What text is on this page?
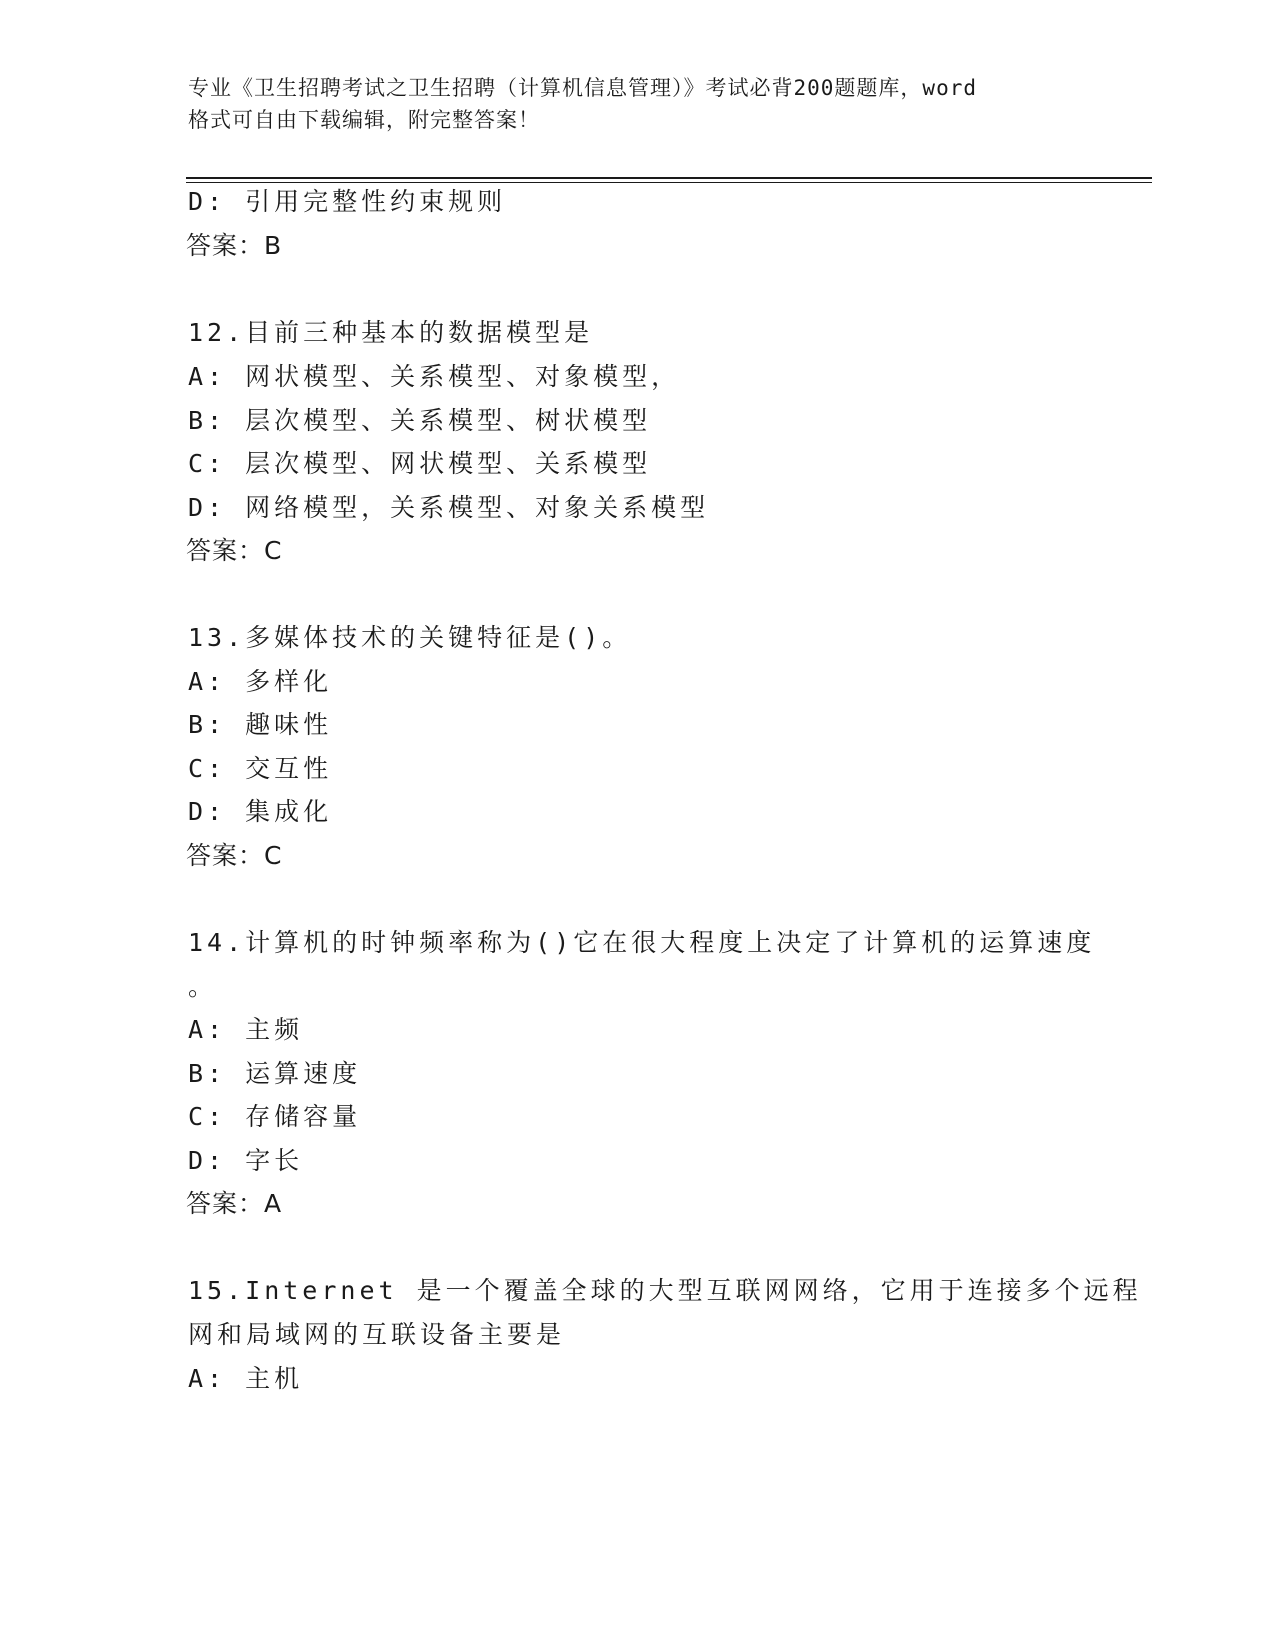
专业《卫生招聘考试之卫生招聘（计算机信息管理）》考试必背200题题库，word
格式可自由下载编辑，附完整答案！
D: 引用完整性约束规则
答案：B
12.目前三种基本的数据模型是
A: 网状模型、关系模型、对象模型，
B: 层次模型、关系模型、树状模型
C: 层次模型、网状模型、关系模型
D: 网络模型，关系模型、对象关系模型
答案：C
13.多媒体技术的关键特征是()。
A: 多样化
B: 趣味性
C: 交互性
D: 集成化
答案：C
14.计算机的时钟频率称为()它在很大程度上决定了计算机的运算速度
。
A: 主频
B: 运算速度
C: 存储容量
D: 字长
答案：A
15.Internet 是一个覆盖全球的大型互联网网络，它用于连接多个远程
网和局域网的互联设备主要是
A: 主机
